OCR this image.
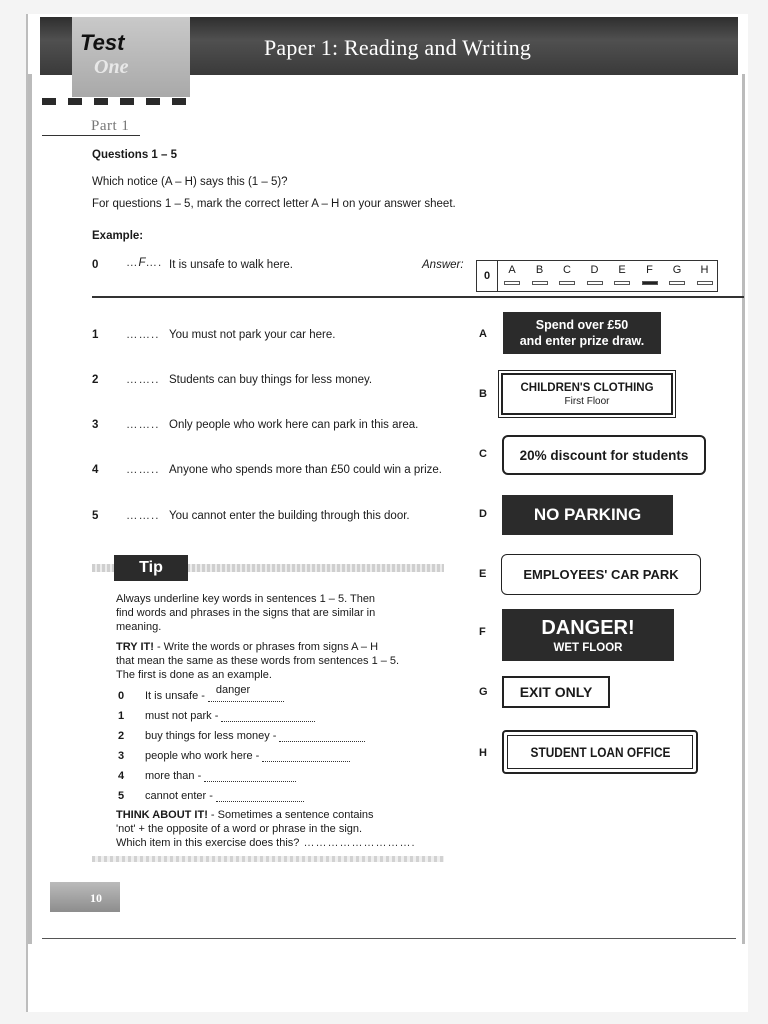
Test
One
Paper 1: Reading and Writing
Part 1
Questions 1 – 5
Which notice (A – H) says this (1 – 5)?
For questions 1 – 5, mark the correct letter A – H on your answer sheet.
Example:
0 …F…. It is unsafe to walk here.	Answer:
0	A	B	C	D	E	F	G	H
1 …….. You must not park your car here.
2 …….. Students can buy things for less money.
3 …….. Only people who work here can park in this area.
4 …….. Anyone who spends more than £50 could win a prize.
5 …….. You cannot enter the building through this door.
A
Spend over £50
and enter prize draw.
B
CHILDREN'S CLOTHING
First Floor
C 20% discount for students
D	NO PARKING
E	EMPLOYEES' CAR PARK
F	DANGER!
WET FLOOR
G EXIT ONLY
H	STUDENT LOAN OFFICE
Tip
Always underline key words in sentences 1 – 5. Then
find words and phrases in the signs that are similar in
meaning.
TRY IT! - Write the words or phrases from signs A – H
that mean the same as these words from sentences 1 – 5.
The first is done as an example.
0 It is unsafe - danger
1 must not park -
2 buy things for less money -
3 people who work here -
4 more than -
5 cannot enter -
THINK ABOUT IT! - Sometimes a sentence contains
'not' + the opposite of a word or phrase in the sign.
Which item in this exercise does this? ……………………….
10
